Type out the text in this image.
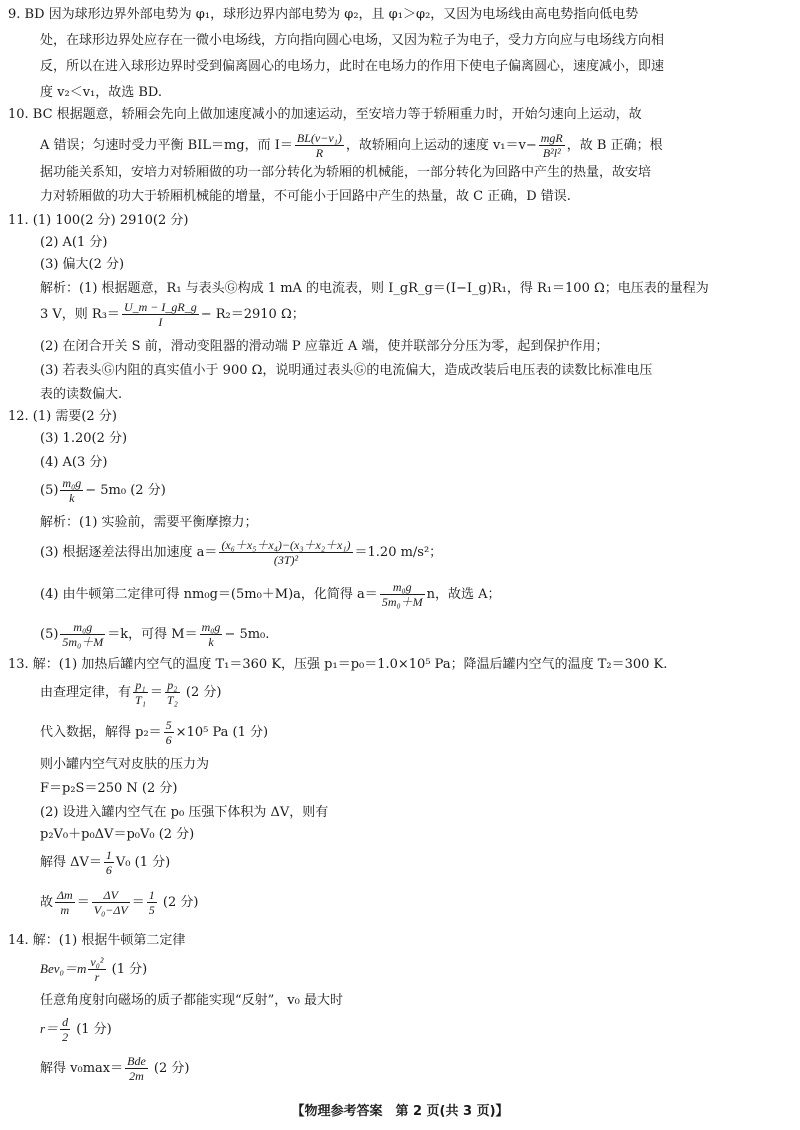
9. BD 因为球形边界外部电势为 φ₁，球形边界内部电势为 φ₂，且 φ₁＞φ₂，又因为电场线由高电势指向低电势
处，在球形边界处应存在一微小电场线，方向指向圆心电场，又因为粒子为电子，受力方向应与电场线方向相
反，所以在进入球形边界时受到偏离圆心的电场力，此时在电场力的作用下使电子偏离圆心，速度减小，即速
度 v₂＜v₁，故选 BD.
10. BC 根据题意，轿厢会先向上做加速度减小的加速运动，至安培力等于轿厢重力时，开始匀速向上运动，故
A 错误；匀速时受力平衡 BIL＝mg，而 $I= \frac{\text{BL(v−v₁)}}{R}$ ，故轿厢向上运动的速度 $v_1=v- \frac{\text{mgR}}{\text{B²l²}}$ ，故 B 正确；根
据功能关系知，安培力对轿厢做的功一部分转化为轿厢的机械能，一部分转化为回路中产生的热量，故安培
力对轿厢做的功大于轿厢机械能的增量，不可能小于回路中产生的热量，故 C 正确，D 错误.
11. (1) 100(2 分) 2910(2 分)
(2) A(1 分)
(3) 偏大(2 分)
解析：(1) 根据题意，R₁ 与表头Ⓖ构成 1 mA 的电流表，则 I_gR_g＝(I−I_g)R₁，得 R₁＝100 Ω；电压表的量程为
3 V，则 $R_3= \frac{U\_m - I\_gR\_g}{I} - R_2=2910$ Ω；
(2) 在闭合开关 S 前，滑动变阻器的滑动端 P 应靠近 A 端，使并联部分分压为零，起到保护作用；
(3) 若表头Ⓖ内阻的真实值小于 900 Ω，说明通过表头Ⓖ的电流偏大，造成改装后电压表的读数比标准电压
表的读数偏大.
12. (1) 需要(2 分)
(3) 1.20(2 分)
(4) A(3 分)
$(5) \frac{\text{m₀g}}{k} - 5m_0$ (2 分)
解析：(1) 实验前，需要平衡摩擦力；
(3) 根据逐差法得出加速度 $a= \frac{\text{(x₆＋x₅＋x₄)−(x₃＋x₂＋x₁)}}{\text{(3T)²}} =1.20$ m/s²；
(4) 由牛顿第二定律可得 nm₀g＝(5m₀＋M)a，化简得 $a= \frac{\text{m₀g}}{\text{5m₀＋M}}$ n，故选 A；
$(5) \frac{\text{m₀g}}{\text{5m₀＋M}} =k$，可得 $M= \frac{\text{m₀g}}{k} - 5m_0$.
13. 解：(1) 加热后罐内空气的温度 T₁＝360 K，压强 p₁＝p₀＝1.0×10⁵ Pa；降温后罐内空气的温度 T₂＝300 K.
由查理定律，有 $\frac{\text{p₁}}{\text{T₁}} = \frac{\text{p₂}}{\text{T₂}} (2$ 分)
代入数据，解得 $p_2= \frac{5}{6} \times 10^5$ Pa (1 分)
则小罐内空气对皮肤的压力为
F＝p₂S＝250 N (2 分)
(2) 设进入罐内空气在 p₀ 压强下体积为 ΔV，则有
p₂V₀＋p₀ΔV＝p₀V₀ (2 分)
解得 $\Delta V= \frac{1}{6} V_0$ (1 分)
故 $\frac{\Delta m}{m} = \frac{\Delta V}{\text{V₀−ΔV}} = \frac{1}{5} (2$ 分)
14. 解：(1) 根据牛顿第二定律
$Bev_0=m \frac{\text{v₀²}}{r} (1$ 分)
任意角度射向磁场的质子都能实现“反射”，v₀ 最大时
$r= \frac{d}{2} (1$ 分)
解得 $v_0\max= \frac{\text{Bde}}{2m} (2$ 分)
【物理参考答案　第 2 页(共 3 页)】
